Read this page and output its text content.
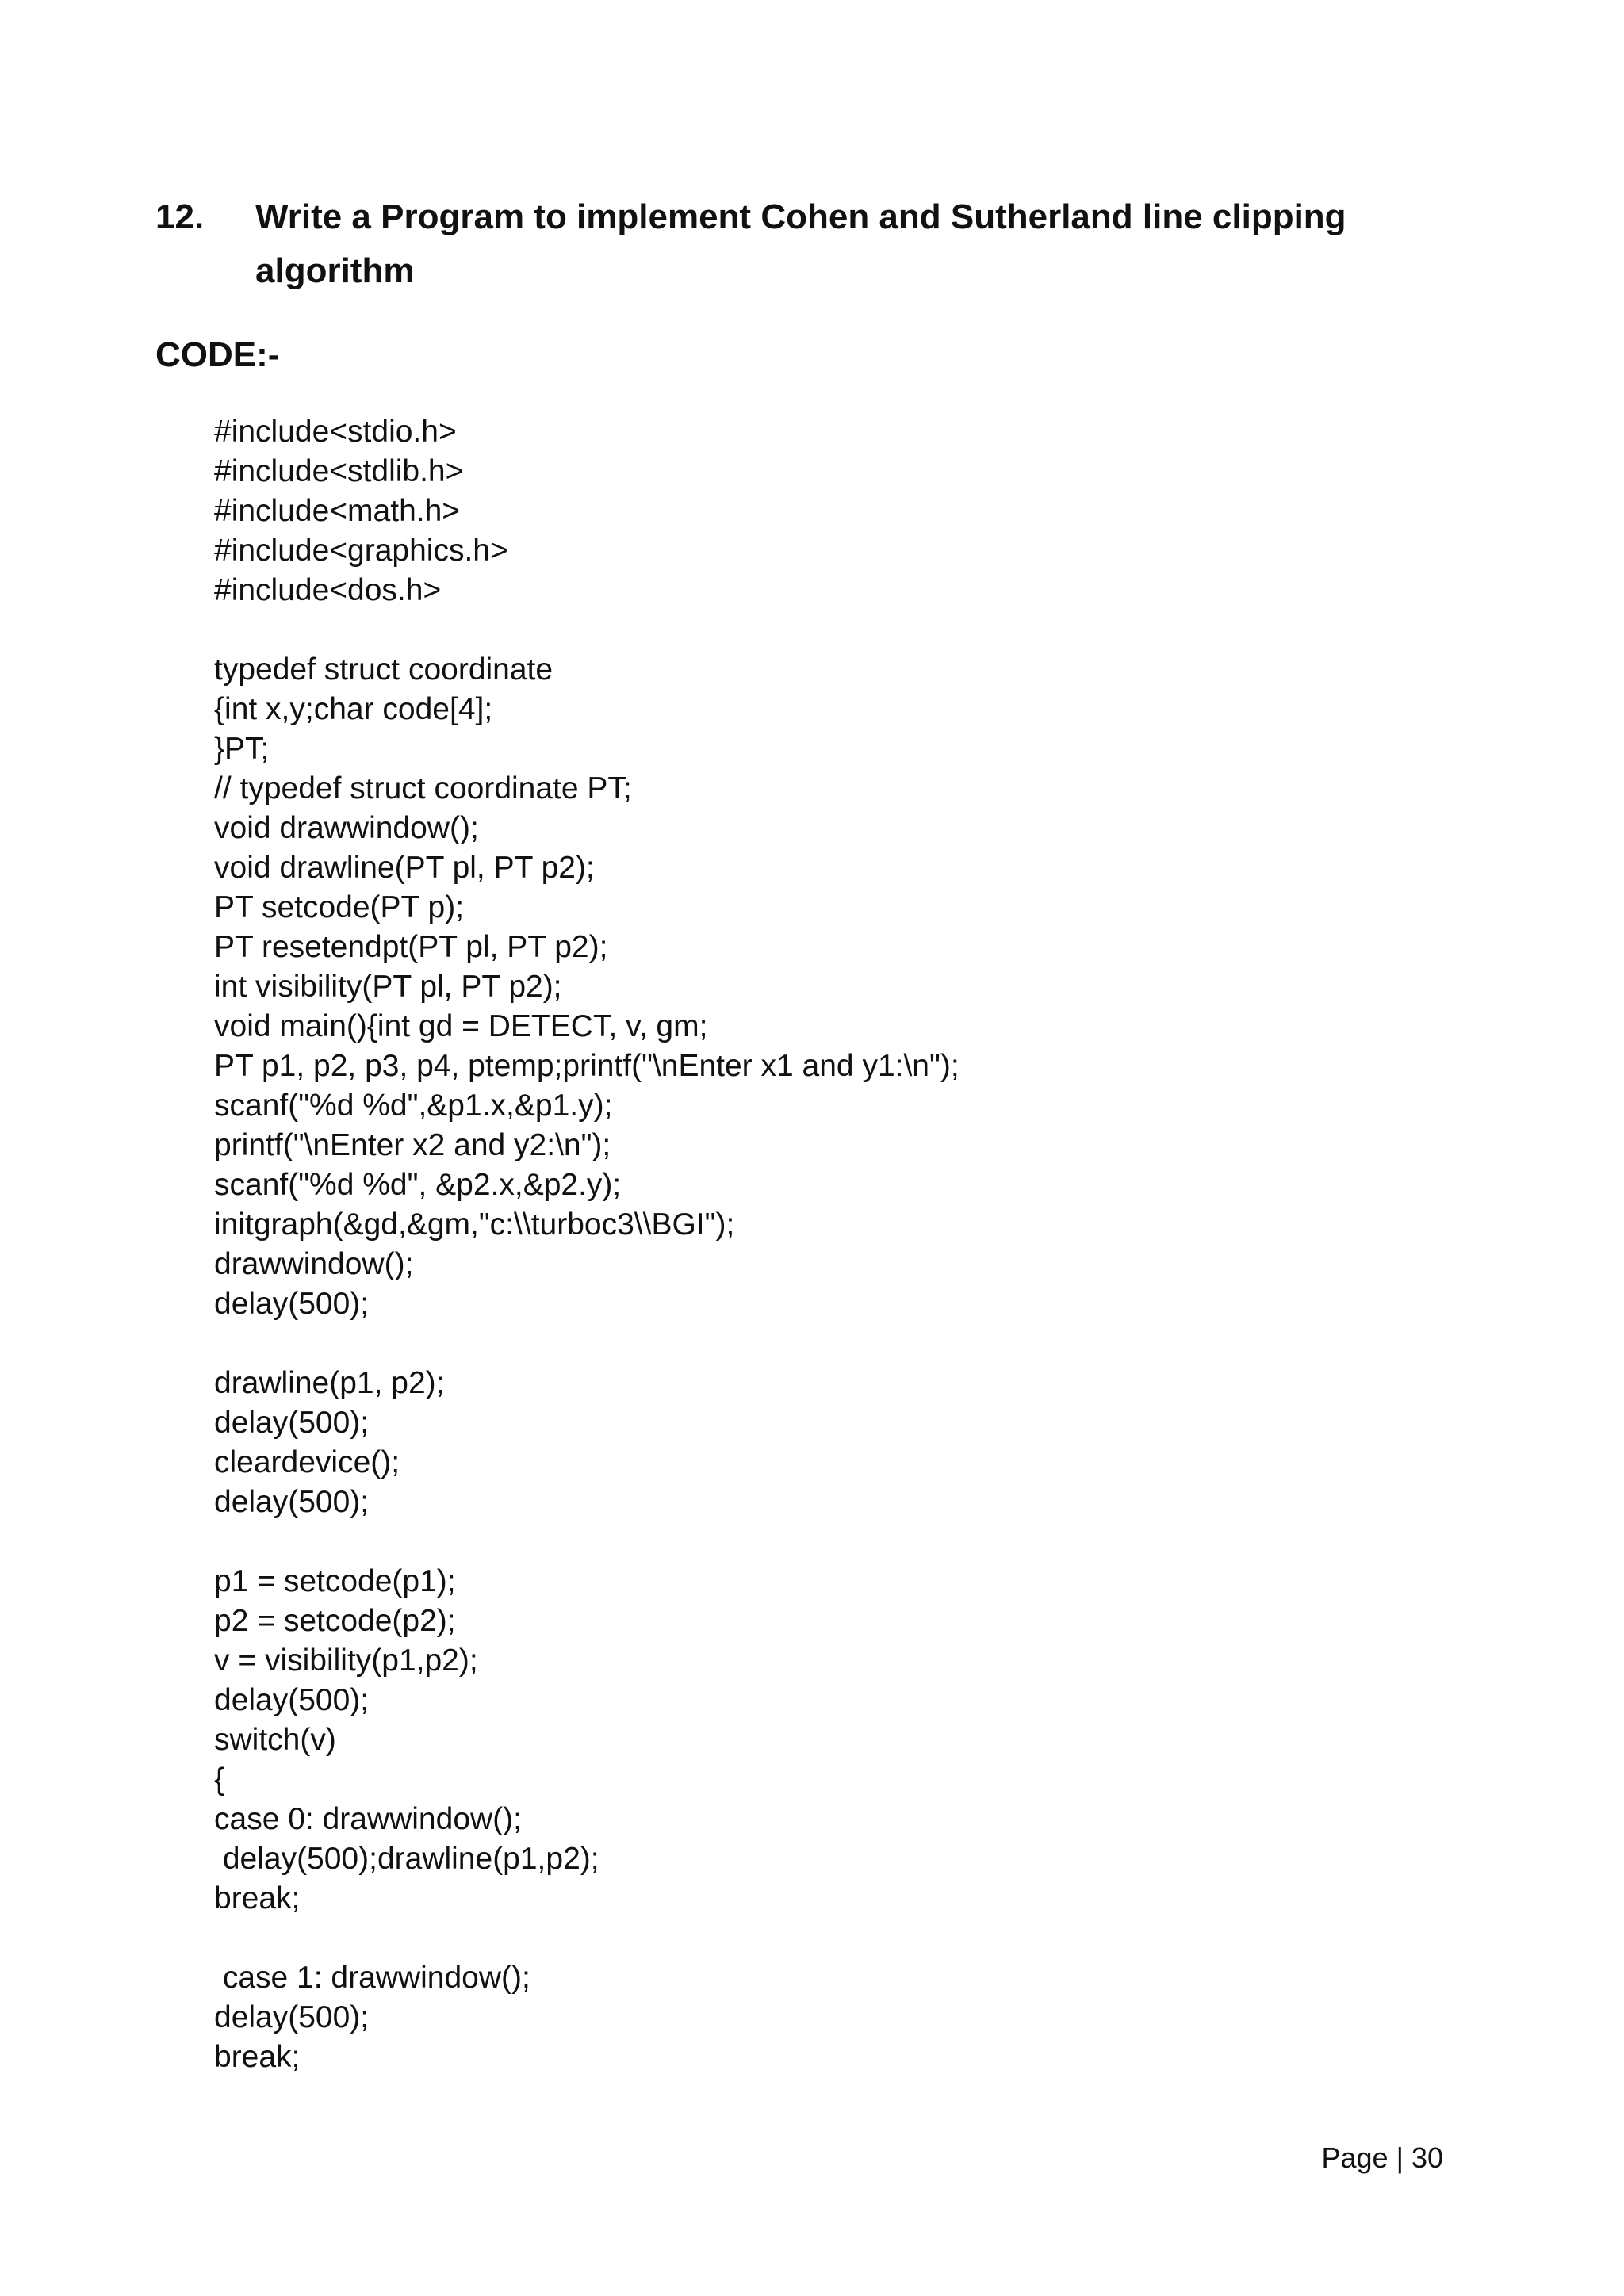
12.	Write a Program to implement Cohen and Sutherland line clipping algorithm
CODE:-
#include<stdio.h>
#include<stdlib.h>
#include<math.h>
#include<graphics.h>
#include<dos.h>
typedef struct coordinate
{int x,y;char code[4];
}PT;
// typedef struct coordinate PT;
void drawwindow();
void drawline(PT pl, PT p2);
PT setcode(PT p);
PT resetendpt(PT pl, PT p2);
int visibility(PT pl, PT p2);
void main(){int gd = DETECT, v, gm;
PT p1, p2, p3, p4, ptemp;printf("\nEnter x1 and y1:\n");
scanf("%d %d",&p1.x,&p1.y);
printf("\nEnter x2 and y2:\n");
scanf("%d %d", &p2.x,&p2.y);
initgraph(&gd,&gm,"c:\\turboc3\\BGI");
drawwindow();
delay(500);
drawline(p1, p2);
delay(500);
cleardevice();
delay(500);
p1 = setcode(p1);
p2 = setcode(p2);
v = visibility(p1,p2);
delay(500);
switch(v)
{
case 0: drawwindow();
delay(500);drawline(p1,p2);
break;
case 1: drawwindow();
delay(500);
break;
Page | 30
